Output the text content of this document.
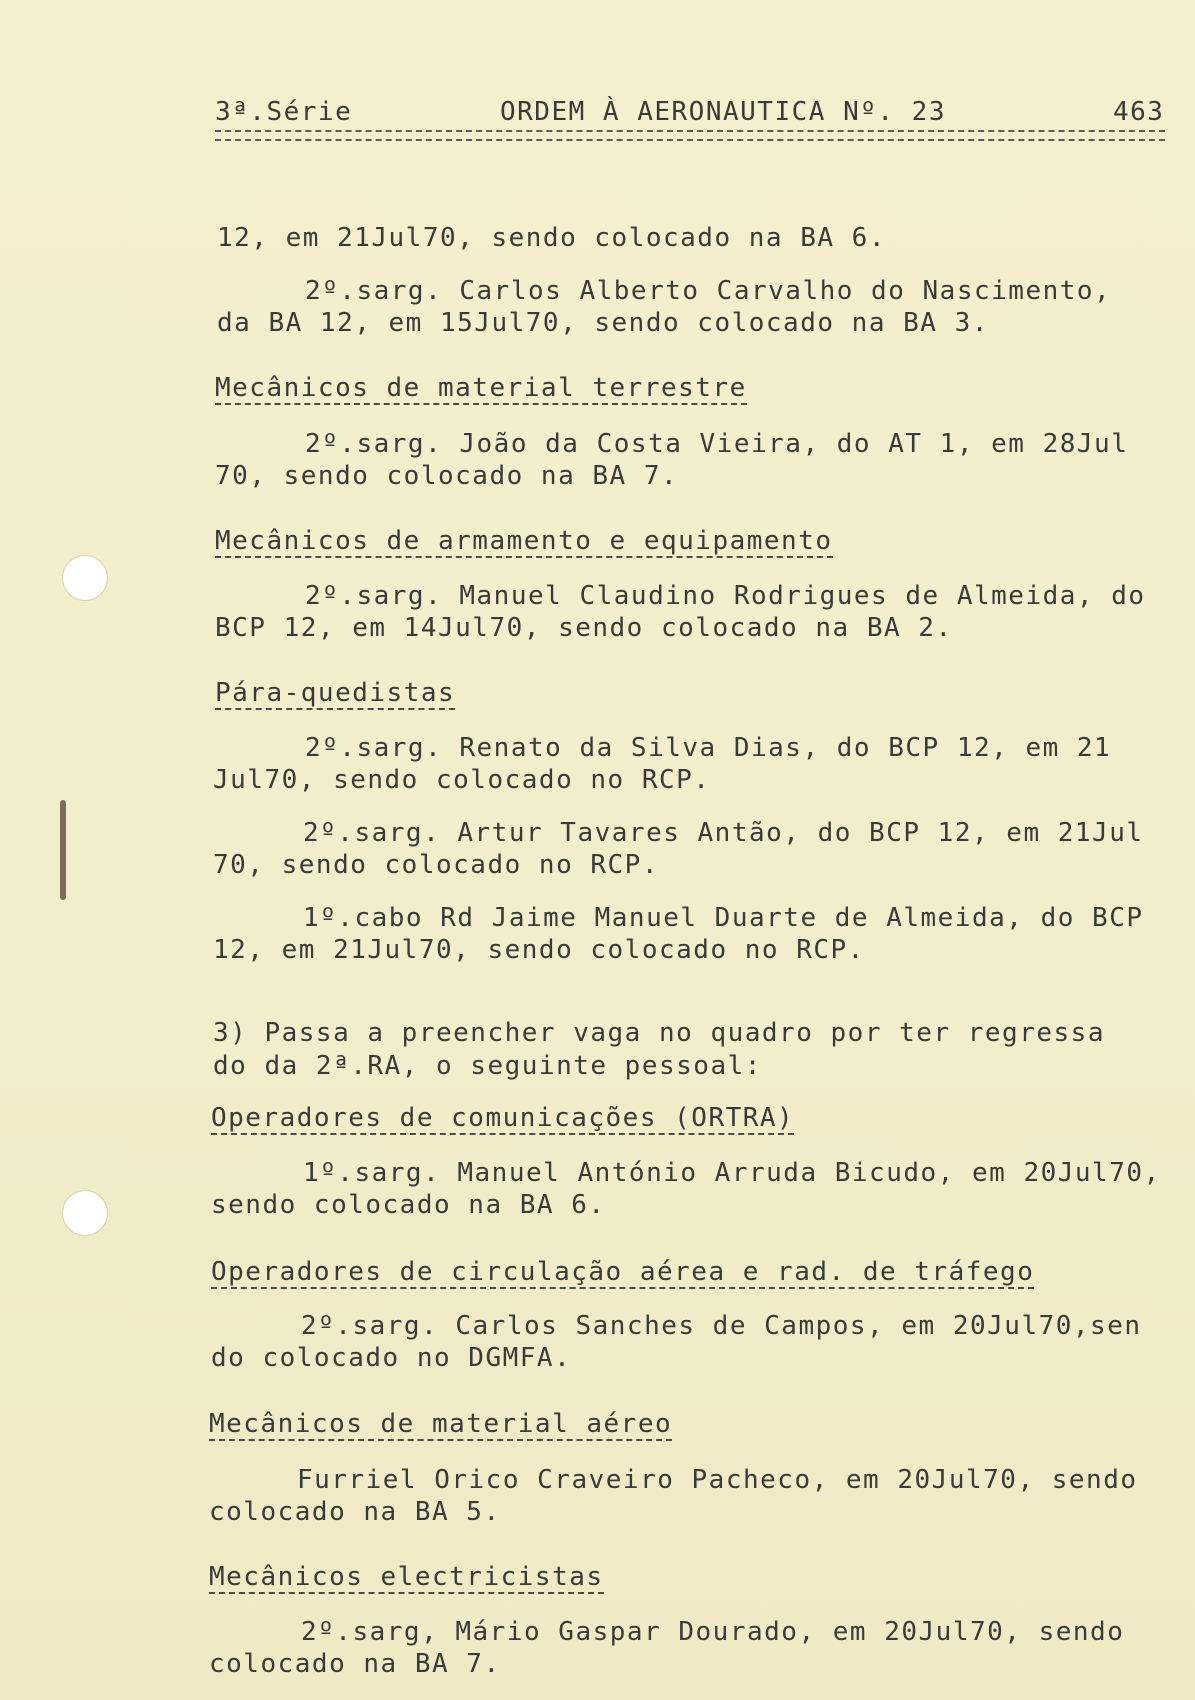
3ª.Série	ORDEM À AERONAUTICA Nº. 23	463
12, em 21Jul70, sendo colocado na BA 6.
2º.sarg. Carlos Alberto Carvalho do Nascimento,
da BA 12, em 15Jul70, sendo colocado na BA 3.
Mecânicos de material terrestre
2º.sarg. João da Costa Vieira, do AT 1, em 28Jul
70, sendo colocado na BA 7.
Mecânicos de armamento e equipamento
2º.sarg. Manuel Claudino Rodrigues de Almeida, do
BCP 12, em 14Jul70, sendo colocado na BA 2.
Pára-quedistas
2º.sarg. Renato da Silva Dias, do BCP 12, em 21
Jul70, sendo colocado no RCP.
2º.sarg. Artur Tavares Antão, do BCP 12, em 21Jul
70, sendo colocado no RCP.
1º.cabo Rd Jaime Manuel Duarte de Almeida, do BCP
12, em 21Jul70, sendo colocado no RCP.
3) Passa a preencher vaga no quadro por ter regressa
do da 2ª.RA, o seguinte pessoal:
Operadores de comunicações (ORTRA)
1º.sarg. Manuel António Arruda Bicudo, em 20Jul70,
sendo colocado na BA 6.
Operadores de circulação aérea e rad. de tráfego
2º.sarg. Carlos Sanches de Campos, em 20Jul70,sen
do colocado no DGMFA.
Mecânicos de material aéreo
Furriel Orico Craveiro Pacheco, em 20Jul70, sendo
colocado na BA 5.
Mecânicos electricistas
2º.sarg, Mário Gaspar Dourado, em 20Jul70, sendo
colocado na BA 7.
